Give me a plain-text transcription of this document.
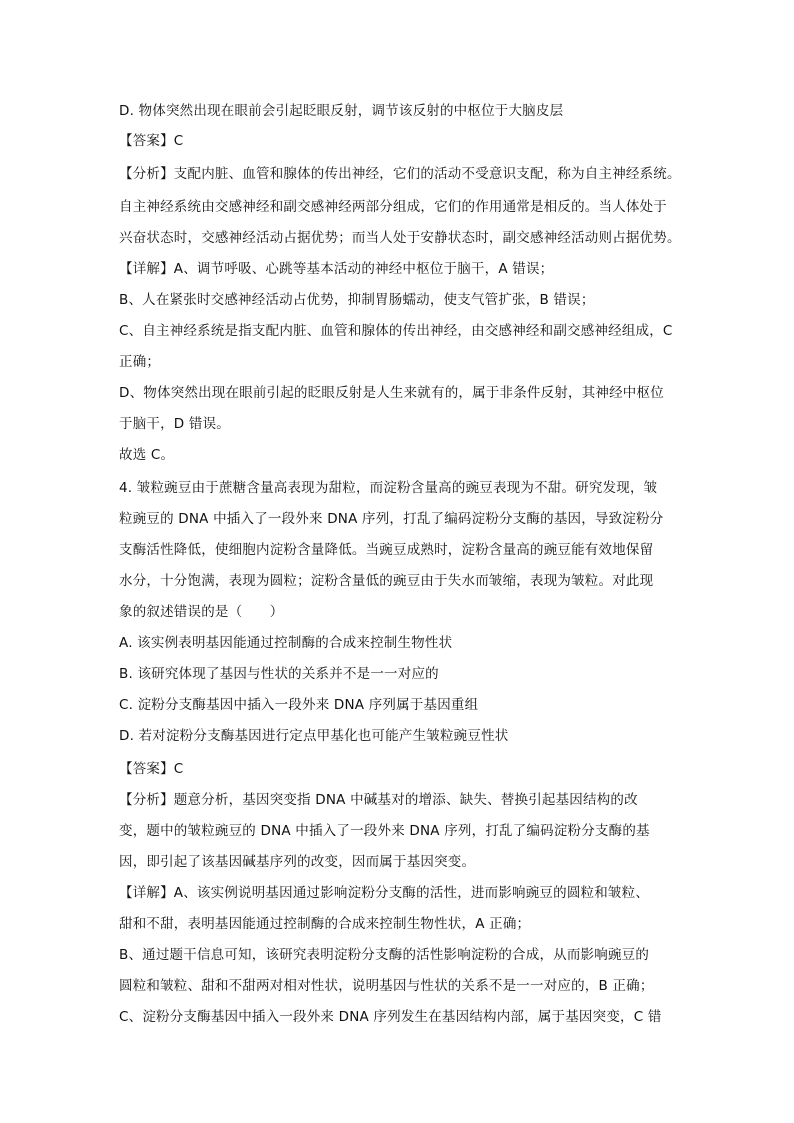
D. 物体突然出现在眼前会引起眨眼反射，调节该反射的中枢位于大脑皮层
【答案】C
【分析】支配内脏、血管和腺体的传出神经，它们的活动不受意识支配，称为自主神经系统。
自主神经系统由交感神经和副交感神经两部分组成，它们的作用通常是相反的。当人体处于
兴奋状态时，交感神经活动占据优势；而当人处于安静状态时，副交感神经活动则占据优势。
【详解】A、调节呼吸、心跳等基本活动的神经中枢位于脑干，A 错误；
B、人在紧张时交感神经活动占优势，抑制胃肠蠕动，使支气管扩张，B 错误；
C、自主神经系统是指支配内脏、血管和腺体的传出神经，由交感神经和副交感神经组成，C
正确；
D、物体突然出现在眼前引起的眨眼反射是人生来就有的，属于非条件反射，其神经中枢位
于脑干，D 错误。
故选 C。
4. 皱粒豌豆由于蔗糖含量高表现为甜粒，而淀粉含量高的豌豆表现为不甜。研究发现，皱
粒豌豆的 DNA 中插入了一段外来 DNA 序列，打乱了编码淀粉分支酶的基因，导致淀粉分
支酶活性降低，使细胞内淀粉含量降低。当豌豆成熟时，淀粉含量高的豌豆能有效地保留
水分，十分饱满，表现为圆粒；淀粉含量低的豌豆由于失水而皱缩，表现为皱粒。对此现
象的叙述错误的是（　　）
A. 该实例表明基因能通过控制酶的合成来控制生物性状
B. 该研究体现了基因与性状的关系并不是一一对应的
C. 淀粉分支酶基因中插入一段外来 DNA 序列属于基因重组
D. 若对淀粉分支酶基因进行定点甲基化也可能产生皱粒豌豆性状
【答案】C
【分析】题意分析，基因突变指 DNA 中碱基对的增添、缺失、替换引起基因结构的改
变，题中的皱粒豌豆的 DNA 中插入了一段外来 DNA 序列，打乱了编码淀粉分支酶的基
因，即引起了该基因碱基序列的改变，因而属于基因突变。
【详解】A、该实例说明基因通过影响淀粉分支酶的活性，进而影响豌豆的圆粒和皱粒、
甜和不甜，表明基因能通过控制酶的合成来控制生物性状，A 正确；
B、通过题干信息可知，该研究表明淀粉分支酶的活性影响淀粉的合成，从而影响豌豆的
圆粒和皱粒、甜和不甜两对相对性状，说明基因与性状的关系不是一一对应的，B 正确；
C、淀粉分支酶基因中插入一段外来 DNA 序列发生在基因结构内部，属于基因突变，C 错
